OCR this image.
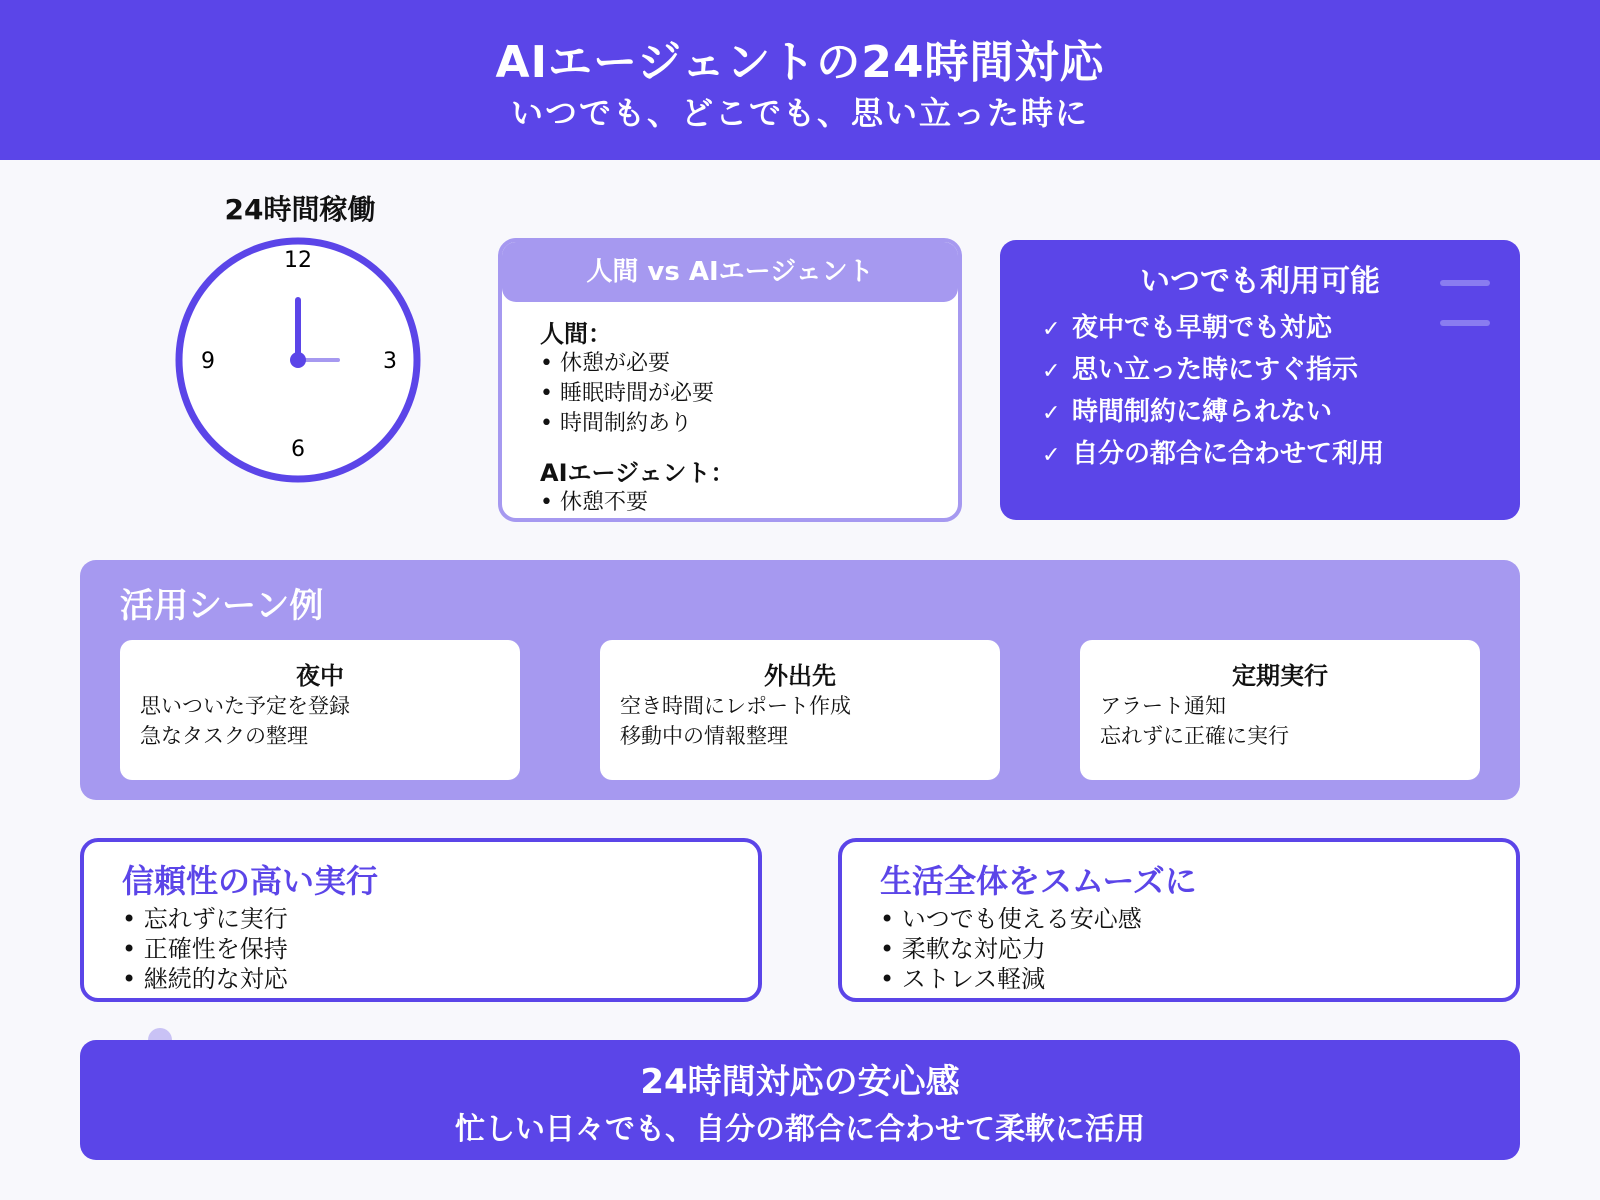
AIエージェントの24時間対応
いつでも、どこでも、思い立った時に
24時間稼働
12
3
6
9
人間 vs AIエージェント
人間：
• 休憩が必要
• 睡眠時間が必要
• 時間制約あり
AIエージェント：
• 休憩不要
いつでも利用可能
✓ 夜中でも早朝でも対応
✓ 思い立った時にすぐ指示
✓ 時間制約に縛られない
✓ 自分の都合に合わせて利用
活用シーン例
夜中
思いついた予定を登録
急なタスクの整理
外出先
空き時間にレポート作成
移動中の情報整理
定期実行
アラート通知
忘れずに正確に実行
信頼性の高い実行
• 忘れずに実行
• 正確性を保持
• 継続的な対応
生活全体をスムーズに
• いつでも使える安心感
• 柔軟な対応力
• ストレス軽減
24時間対応の安心感
忙しい日々でも、自分の都合に合わせて柔軟に活用
